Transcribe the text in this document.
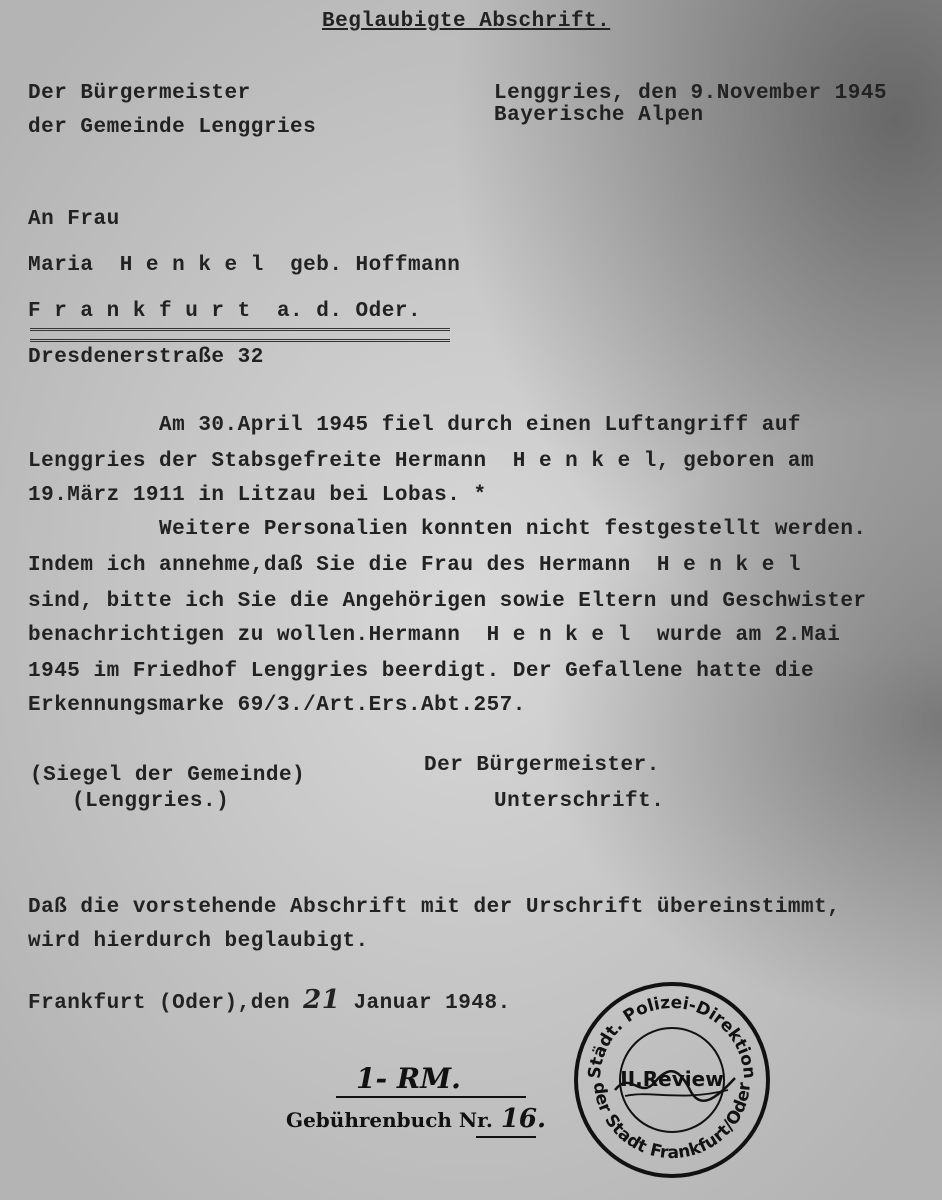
Beglaubigte Abschrift.
Der Bürgermeister
der Gemeinde Lenggries
Lenggries, den 9.November 1945
Bayerische Alpen
An Frau
Maria  H e n k e l  geb. Hoffmann
F r a n k f u r t  a. d. Oder.
Dresdenerstraße 32
Am 30.April 1945 fiel durch einen Luftangriff auf
Lenggries der Stabsgefreite Hermann  H e n k e l, geboren am
19.März 1911 in Litzau bei Lobas. *
Weitere Personalien konnten nicht festgestellt werden.
Indem ich annehme,daß Sie die Frau des Hermann  H e n k e l
sind, bitte ich Sie die Angehörigen sowie Eltern und Geschwister
benachrichtigen zu wollen.Hermann  H e n k e l  wurde am 2.Mai
1945 im Friedhof Lenggries beerdigt. Der Gefallene hatte die
Erkennungsmarke 69/3./Art.Ers.Abt.257.
(Siegel der Gemeinde)
(Lenggries.)
Der Bürgermeister.
Unterschrift.
Daß die vorstehende Abschrift mit der Urschrift übereinstimmt,
wird hierdurch beglaubigt.
Frankfurt (Oder),den 21 Januar 1948.
1- RM.
Gebührenbuch Nr. 16.
Städt. Polizei-Direktion
der Stadt Frankfurt/Oder
II.Review
